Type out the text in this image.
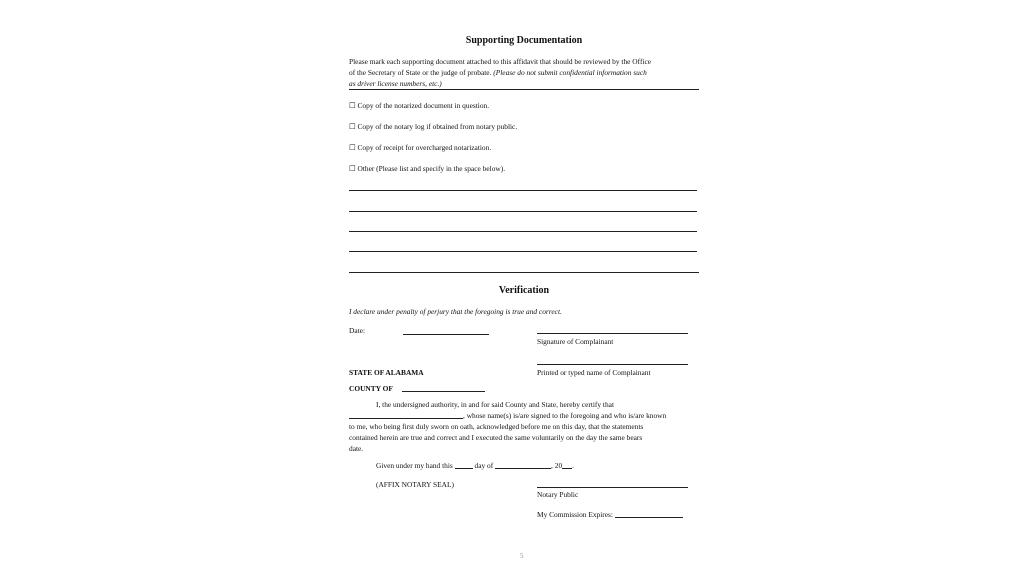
Supporting Documentation
Please mark each supporting document attached to this affidavit that should be reviewed by the Office
of the Secretary of State or the judge of probate. (Please do not submit confidential information such
as driver license numbers, etc.)
☐ Copy of the notarized document in question.
☐ Copy of the notary log if obtained from notary public.
☐ Copy of receipt for overcharged notarization.
☐ Other (Please list and specify in the space below).
Verification
I declare under penalty of perjury that the foregoing is true and correct.
Date:
Signature of Complainant
Printed or typed name of Complainant
STATE OF ALABAMA
COUNTY OF
I, the undersigned authority, in and for said County and State, hereby certify that
, whose name(s) is/are signed to the foregoing and who is/are known
to me, who being first duly sworn on oath, acknowledged before me on this day, that the statements
contained herein are true and correct and I executed the same voluntarily on the day the same bears
date.
Given under my hand this	day of	, 20 .
(AFFIX NOTARY SEAL)
Notary Public
My Commission Expires:
5
